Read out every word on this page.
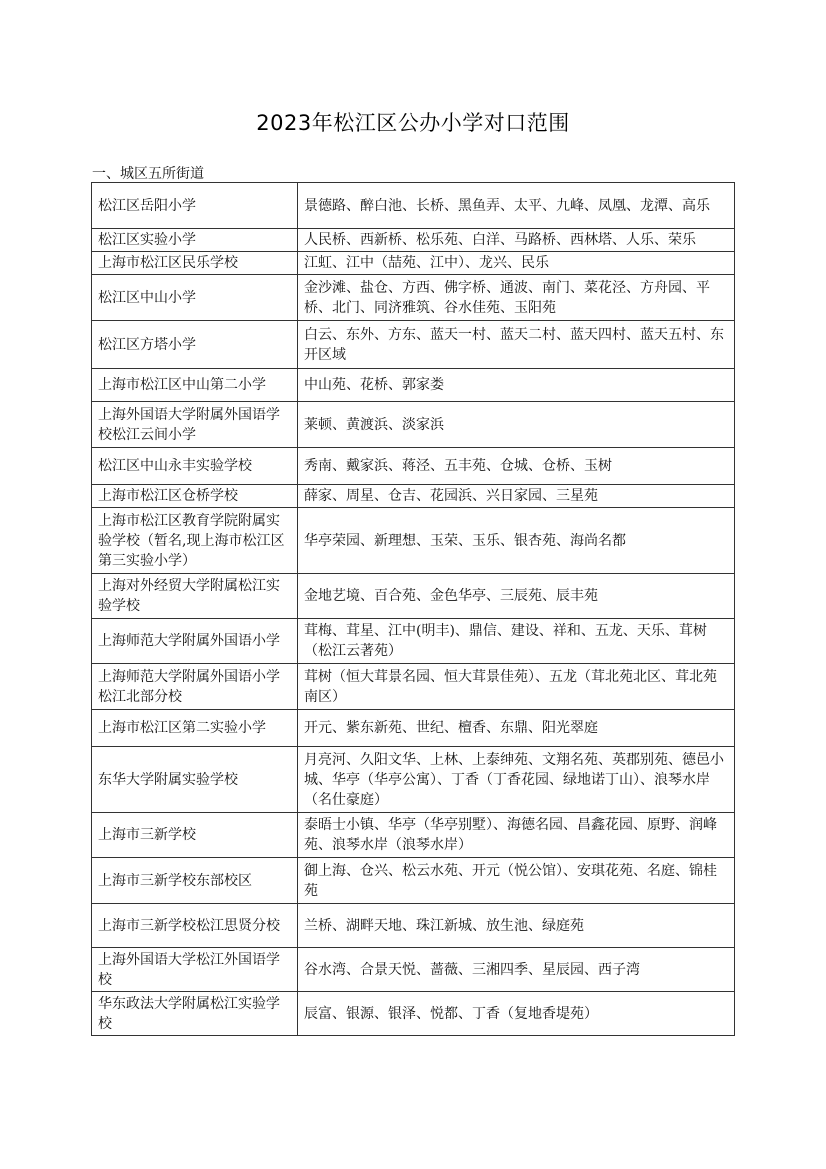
2023年松江区公办小学对口范围
一、城区五所街道
松江区岳阳小学	景德路、醉白池、长桥、黑鱼弄、太平、九峰、凤凰、龙潭、高乐
松江区实验小学	人民桥、西新桥、松乐苑、白洋、马路桥、西林塔、人乐、荣乐
上海市松江区民乐学校	江虹、江中（喆苑、江中）、龙兴、民乐
松江区中山小学	金沙滩、盐仓、方西、佛字桥、通波、南门、菜花泾、方舟园、平桥、北门、同济雅筑、谷水佳苑、玉阳苑
松江区方塔小学	白云、东外、方东、蓝天一村、蓝天二村、蓝天四村、蓝天五村、东开区域
上海市松江区中山第二小学	中山苑、花桥、郭家娄
上海外国语大学附属外国语学校松江云间小学	莱顿、黄渡浜、淡家浜
松江区中山永丰实验学校	秀南、戴家浜、蒋泾、五丰苑、仓城、仓桥、玉树
上海市松江区仓桥学校	薛家、周星、仓吉、花园浜、兴日家园、三星苑
上海市松江区教育学院附属实验学校（暂名,现上海市松江区第三实验小学）	华亭荣园、新理想、玉荣、玉乐、银杏苑、海尚名都
上海对外经贸大学附属松江实验学校	金地艺境、百合苑、金色华亭、三辰苑、辰丰苑
上海师范大学附属外国语小学	茸梅、茸星、江中(明丰)、鼎信、建设、祥和、五龙、天乐、茸树（松江云著苑）
上海师范大学附属外国语小学松江北部分校	茸树（恒大茸景名园、恒大茸景佳苑）、五龙（茸北苑北区、茸北苑南区）
上海市松江区第二实验小学	开元、紫东新苑、世纪、檀香、东鼎、阳光翠庭
东华大学附属实验学校	月亮河、久阳文华、上林、上泰绅苑、文翔名苑、英郡别苑、德邑小城、华亭（华亭公寓）、丁香（丁香花园、绿地诺丁山）、浪琴水岸（名仕豪庭）
上海市三新学校	泰晤士小镇、华亭（华亭别墅）、海德名园、昌鑫花园、原野、润峰苑、浪琴水岸（浪琴水岸）
上海市三新学校东部校区	御上海、仓兴、松云水苑、开元（悦公馆）、安琪花苑、名庭、锦桂苑
上海市三新学校松江思贤分校	兰桥、湖畔天地、珠江新城、放生池、绿庭苑
上海外国语大学松江外国语学校	谷水湾、合景天悦、蔷薇、三湘四季、星辰园、西子湾
华东政法大学附属松江实验学校	辰富、银源、银泽、悦都、丁香（复地香堤苑）
